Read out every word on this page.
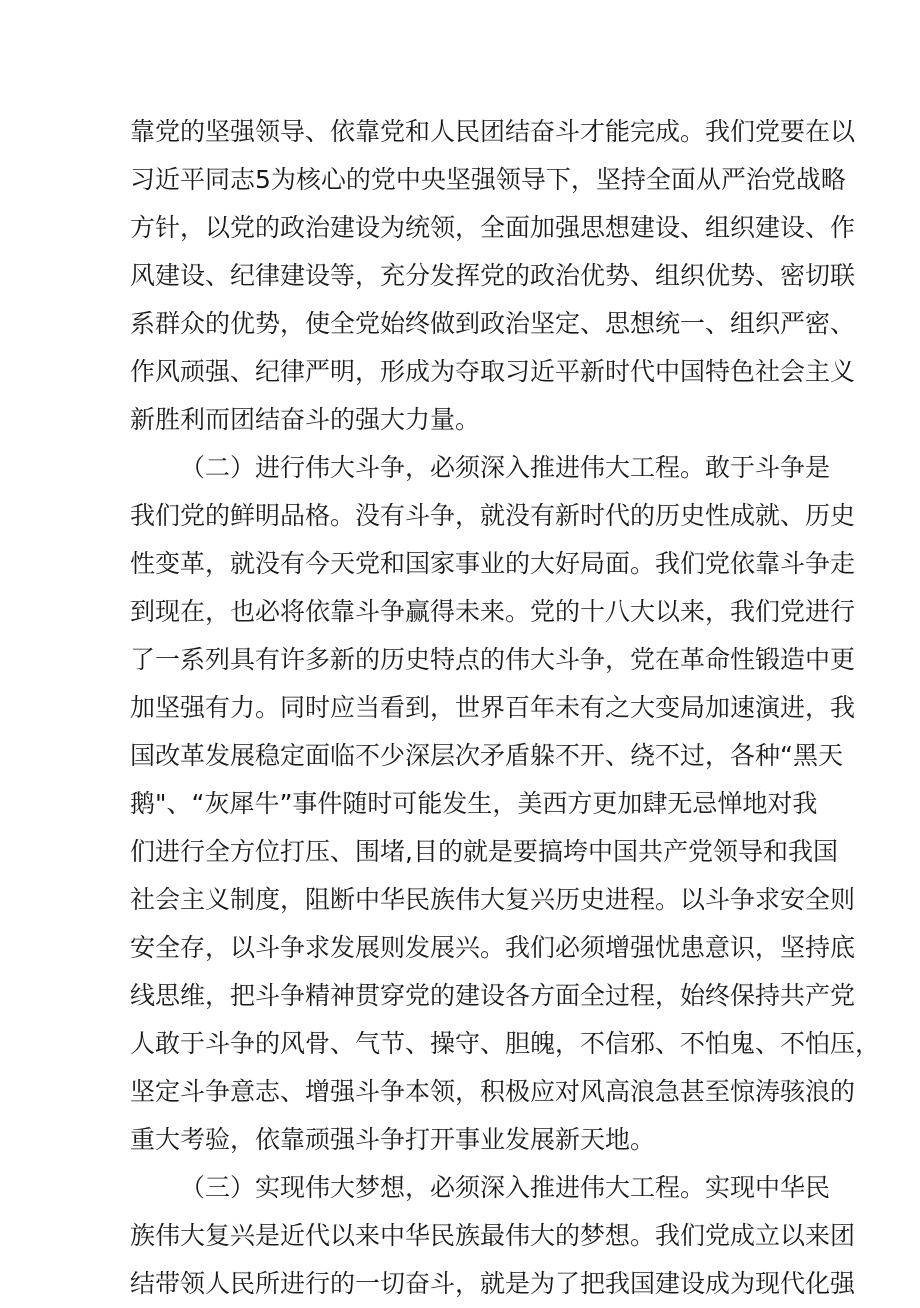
靠党的坚强领导、依靠党和人民团结奋斗才能完成。我们党要在以
习近平同志5为核心的党中央坚强领导下，坚持全面从严治党战略
方针，以党的政治建设为统领，全面加强思想建设、组织建设、作
风建设、纪律建设等，充分发挥党的政治优势、组织优势、密切联
系群众的优势，使全党始终做到政治坚定、思想统一、组织严密、
作风顽强、纪律严明，形成为夺取习近平新时代中国特色社会主义
新胜利而团结奋斗的强大力量。
（二）进行伟大斗争，必须深入推进伟大工程。敢于斗争是
我们党的鲜明品格。没有斗争，就没有新时代的历史性成就、历史
性变革，就没有今天党和国家事业的大好局面。我们党依靠斗争走
到现在，也必将依靠斗争赢得未来。党的十八大以来，我们党进行
了一系列具有许多新的历史特点的伟大斗争，党在革命性锻造中更
加坚强有力。同时应当看到，世界百年未有之大变局加速演进，我
国改革发展稳定面临不少深层次矛盾躲不开、绕不过，各种“黑天
鹅"、“灰犀牛”事件随时可能发生，美西方更加肆无忌惮地对我
们进行全方位打压、围堵,目的就是要搞垮中国共产党领导和我国
社会主义制度，阻断中华民族伟大复兴历史进程。以斗争求安全则
安全存，以斗争求发展则发展兴。我们必须增强忧患意识，坚持底
线思维，把斗争精神贯穿党的建设各方面全过程，始终保持共产党
人敢于斗争的风骨、气节、操守、胆魄，不信邪、不怕鬼、不怕压，
坚定斗争意志、增强斗争本领，积极应对风高浪急甚至惊涛骇浪的
重大考验，依靠顽强斗争打开事业发展新天地。
（三）实现伟大梦想，必须深入推进伟大工程。实现中华民
族伟大复兴是近代以来中华民族最伟大的梦想。我们党成立以来团
结带领人民所进行的一切奋斗，就是为了把我国建设成为现代化强
